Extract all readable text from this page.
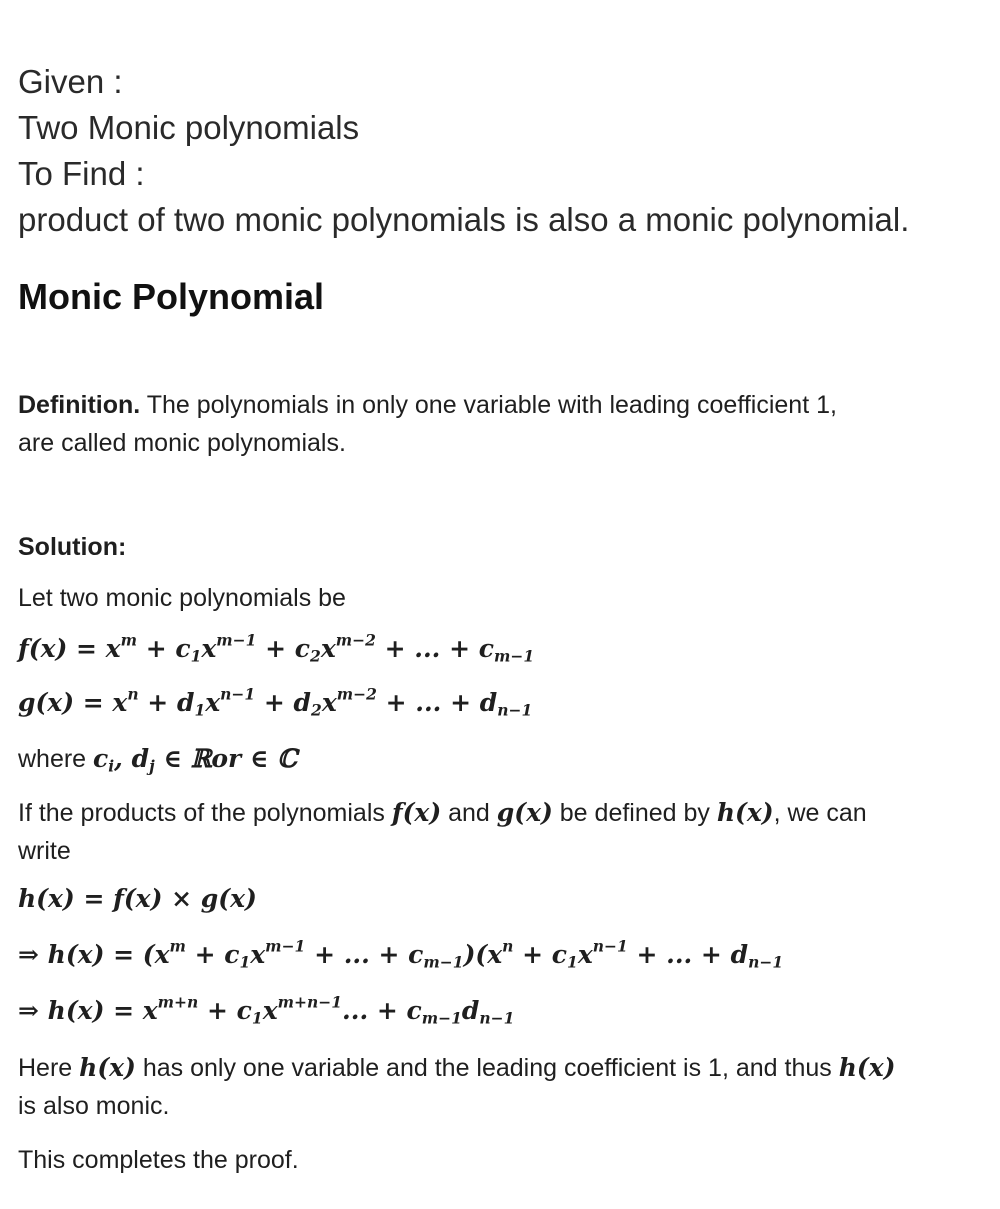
Given :
Two Monic polynomials
To Find :
product of two monic polynomials is also a monic polynomial.
Monic Polynomial
Definition. The polynomials in only one variable with leading coefficient 1,
are called monic polynomials.
Solution:
Let two monic polynomials be
$f(x) = x^m + c_1x^{m-1} + c_2x^{m-2}$ + ... + $c_{m-1}$
$g(x) = x^n + d_1x^{n-1} + d_2x^{m-2}$ + ... + $d_{n-1}$
where $c_i$, $d_j$ ∈ ℝor ∈ ℂ
If the products of the polynomials f(x) and g(x) be defined by h(x), we can
write
h(x) = f(x) × g(x)
⇒ $h(x) = (x^m + c_1x^{m-1}$ + ... + $c_{m-1})(x^n + c_1x^{n-1}$ + ... + $d_{n-1}$
⇒ $h(x) = x^{m+n} + c_1x^{m+n-1}$... + $c_{m-1}d_{n-1}$
Here h(x) has only one variable and the leading coefficient is 1, and thus h(x)
is also monic.
This completes the proof.
